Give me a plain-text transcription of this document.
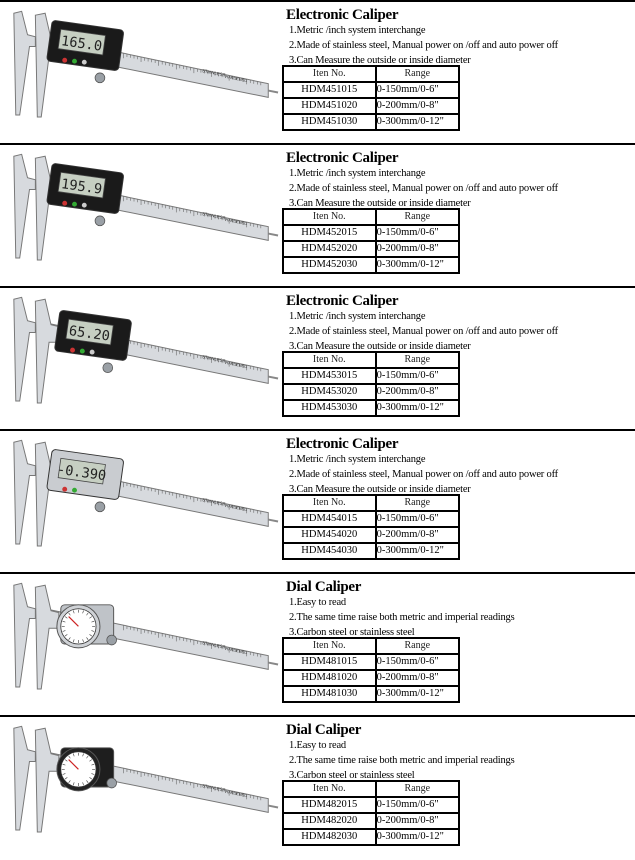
STAINLESS
HARDENED
165.0
Electronic Caliper
1.Metric /inch system interchange
2.Made of stainless steel, Manual power on /off and auto power off
3.Can Measure the outside or inside diameter
Iten No.	Range
HDM451015	0-150mm/0-6"
HDM451020	0-200mm/0-8"
HDM451030	0-300mm/0-12"
STAINLESS
HARDENED
195.9
Electronic Caliper
1.Metric /inch system interchange
2.Made of stainless steel, Manual power on /off and auto power off
3.Can Measure the outside or inside diameter
Iten No.	Range
HDM452015	0-150mm/0-6"
HDM452020	0-200mm/0-8"
HDM452030	0-300mm/0-12"
STAINLESS
HARDENED
65.20
Electronic Caliper
1.Metric /inch system interchange
2.Made of stainless steel, Manual power on /off and auto power off
3.Can Measure the outside or inside diameter
Iten No.	Range
HDM453015	0-150mm/0-6"
HDM453020	0-200mm/0-8"
HDM453030	0-300mm/0-12"
STAINLESS
HARDENED
-0.390
Electronic Caliper
1.Metric /inch system interchange
2.Made of stainless steel, Manual power on /off and auto power off
3.Can Measure the outside or inside diameter
Iten No.	Range
HDM454015	0-150mm/0-6"
HDM454020	0-200mm/0-8"
HDM454030	0-300mm/0-12"
STAINLESS
HARDENED
Dial Caliper
1.Easy to read
2.The same time raise both metric and imperial readings
3.Carbon steel or stainless steel
Iten No.	Range
HDM481015	0-150mm/0-6"
HDM481020	0-200mm/0-8"
HDM481030	0-300mm/0-12"
STAINLESS
HARDENED
Dial Caliper
1.Easy to read
2.The same time raise both metric and imperial readings
3.Carbon steel or stainless steel
Iten No.	Range
HDM482015	0-150mm/0-6"
HDM482020	0-200mm/0-8"
HDM482030	0-300mm/0-12"
